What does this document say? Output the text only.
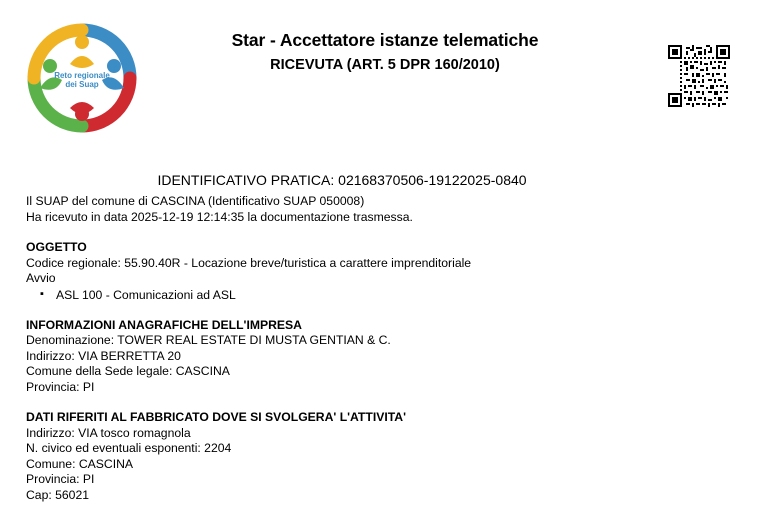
Reto regionale
dei Suap
Star - Accettatore istanze telematiche
RICEVUTA (ART. 5 DPR 160/2010)
IDENTIFICATIVO PRATICA: 02168370506-19122025-0840
Il SUAP del comune di CASCINA (Identificativo SUAP 050008)
Ha ricevuto in data 2025-12-19 12:14:35 la documentazione trasmessa.
OGGETTO
Codice regionale: 55.90.40R - Locazione breve/turistica a carattere imprenditoriale
Avvio
▪ ASL 100 - Comunicazioni ad ASL
INFORMAZIONI ANAGRAFICHE DELL'IMPRESA
Denominazione: TOWER REAL ESTATE DI MUSTA GENTIAN & C.
Indirizzo: VIA BERRETTA 20
Comune della Sede legale: CASCINA
Provincia: PI
DATI RIFERITI AL FABBRICATO DOVE SI SVOLGERA' L'ATTIVITA'
Indirizzo: VIA tosco romagnola
N. civico ed eventuali esponenti: 2204
Comune: CASCINA
Provincia: PI
Cap: 56021
